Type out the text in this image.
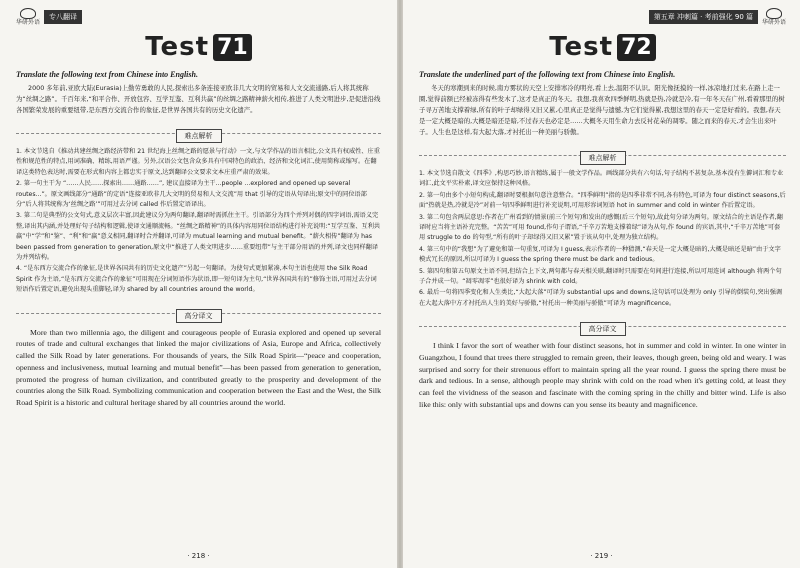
华研外语
专八翻译
Test 71

Translate the following text from Chinese into English.

2000 多年前,亚欧大陆(Eurasia)上勤劳勇敢的人民,探索出多条连接亚欧非几大文明的贸易和人文交流通路,后人将其统称为“丝绸之路”。千百年来,“和平合作、开放包容、互学互鉴、互利共赢”的丝绸之路精神薪火相传,推进了人类文明进步,是促进沿线各国繁荣发展的重要纽带,是东西方交流合作的象征,是世界各国共有的历史文化遗产。

难点解析
1. 本文节选自《推动共建丝绸之路经济带和 21 世纪海上丝绸之路的愿景与行动》一文,与文学作品的语言相比,公文具有权威性、庄重性和规范性的特点,用词准确、精练,用语严谨。另外,汉语公文包含众多具有中国特色的政治、经济和文化词汇,使用简称或缩写。在翻译这类特色表达时,需要在形式和内容上都忠实于原文,达到翻译公文要求文本庄重严肃的效果。
2. 第一句主干为 “……人民……探索出……通路……”, 建议直接译为主干...people ...explored and opened up several routes...”。原文画线部分“通路”的定语“连接亚欧非几大文明的贸易和人文交流”用 that 引导的定语从句译出;原文中的同位语部分“后人将其统称为‘丝绸之路’”可用过去分词 called 作后置定语译出。
3. 第二句是典型的公文句式,意义层次丰富,因此建议分为两句翻译,翻译时需抓住主干。引语部分为四个并列对偶的四字词语,需语义完整,译出其内涵,并处理好句子结构和逻辑,使译文通顺流畅。“丝绸之路精神”的具体内容用同位语结构进行补充说明:“互学互鉴、互利共赢”中“学”和“鉴”、“利”和“赢”意义相同,翻译时合并翻译,可译为 mutual learning and mutual benefit。“薪火相传”翻译为 has been passed from generation to generation,原文中“推进了人类文明进步……重要纽带”与主干部分用语的并列,译文也同样翻译为并列结构。
4. “是东西方交流合作的象征,是世界各国共有的历史文化遗产”另起一句翻译。为使句式更加紧凑,本句主语也使用 the Silk Road Spirit 作为主语,“是东西方交流合作的象征”可用现在分词短语作为状语,即一短句译为主句,“世界各国共有的”修饰主语,可用过去分词短语作后置定语,避免出现头重脚轻,译为 shared by all countries around the world。
高分译文

More than two millennia ago, the diligent and courageous people of Eurasia explored and opened up several routes of trade and cultural exchanges that linked the major civilizations of Asia, Europe and Africa, collectively called the Silk Road by later generations. For thousands of years, the Silk Road Spirit—“peace and cooperation, openness and inclusiveness, mutual learning and mutual benefit”—has been passed from generation to generation, promoted the progress of human civilization, and contributed greatly to the prosperity and development of the countries along the Silk Road. Symbolizing communication and cooperation between the East and the West, the Silk Road Spirit is a historic and cultural heritage shared by all countries around the world.

· 218 ·
第五章 冲刺篇 · 考前强化 90 篇
华研外语
Test 72

Translate the underlined part of the following text from Chinese into English.

冬天的寒潮到来的时候,南方雾状的天空上安排寒冷的明亮,看上去,温阳不认识。阳光像抚摸的一样,冰凉地打过来,在路上走一圈,觉得前额已经被冻得有些发木了,这才是真正的冬天。我想,我喜欢四季鲜明,热就是热,冷就是冷,有一年冬天在广州,看着那里的树子寻万苦地支撑着绿,所有的叶子却绿得又旧又累,心里真正是觉得与遗憾,为它们觉得累,我想这里的春天一定是好看的。我想,春天是一定大概是暗的,大概是暗还是暗,不过春天也必定是……大概冬天用生命力去反衬花朵的凋零。随之而来的春天,才会生出来叶子。人生也是这样,有大起大落,才衬托出一种美丽与骄傲。

难点解析
1. 本文节选自散文《四季》,构思巧妙,语言精练,属于一般文学作品。画线部分共有六句话,句子结构不甚复杂,基本没有生僻词汇和专业词汇,此文平实朴素,译文应保持这种风格。
2. 第一句由多个小短句构成,翻译时要根据句意注意整合。“四季鲜明”指的是四季非常不同,各有特色,可译为 four distinct seasons,后面“热就是热,冷就是冷”对前一句四季鲜明进行补充说明,可用形容词短语 hot in summer and cold in winter 作后置定语。
3. 第二句包含两层意思:作者在广州看到的情景(前三个短句)和发出的感慨(后三个短句),故此句分译为两句。原文结合的主语是作者,翻译时应当将主语补充完整。“苦苦”可用 found,作句子谓语,“千辛万苦地支撑着绿”译为从句,作 found 的宾语,其中,“千辛万苦地”可套用 struggle to do 的句型,“所有的叶子却绿得又旧又累”置于该从句中,处理为独立结构。
4. 第三句中的“我想”为了避免和第一句重复,可译为 I guess,表示作者的一种猜测,“春天是一定大概是暗的,大概是暗还是暗”由于文字模式冗长的原因,所以可译为 I guess the spring there must be dark and tedious。
5. 第四句和第五句原文主语不同,但结合上下文,两句都与春天相关联,翻译时只需要在句间进行连接,所以可用连词 although 将两个句子合并成一句。“凋零凋零”也很好译为 shrink with cold。
6. 最后一句将四季变化和人生类比,“大起大落”可译为 substantial ups and downs,这句话可以处理为 only 引导的倒装句,突出强调在大起大落中方才衬托出人生的美好与骄傲,“衬托出一种美丽与骄傲”可译为 magnificence。
高分译文

I think I favor the sort of weather with four distinct seasons, hot in summer and cold in winter. In one winter in Guangzhou, I found that trees there struggled to remain green, their leaves, though green, being old and weary. I was surprised and sorry for their strenuous effort to maintain spring all the year round. I guess the spring there must be dark and tedious. In a sense, although people may shrink with cold on the road when it's getting cold, at least they can feel the vividness of the season and fascinate with the coming spring in the chilly and bitter wind. Life is also like this: only with substantial ups and downs can you sense its beauty and magnificence.

· 219 ·
